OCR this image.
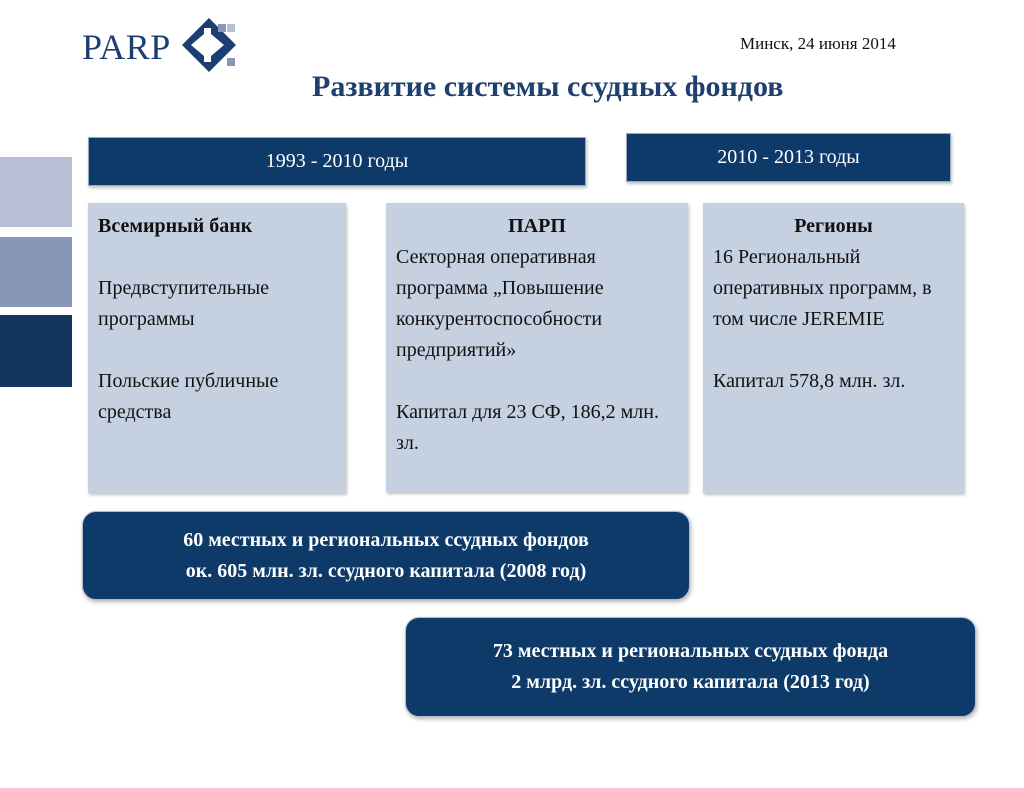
PARP	Минск, 24 июня 2014
Развитие системы ссудных фондов
1993 - 2010 годы	2010 - 2013 годы

Всемирный банк

Предвступительные программы

Польские публичные средства

ПАРП

Секторная оперативная программа „Повышение конкурентоспособности предприятий»

Капитал для 23 СФ, 186,2 млн. зл.

Регионы

16 Региональный оперативных программ, в том числе JEREMIE

Капитал 578,8 млн. зл.

60 местных и региональных ссудных фондов
ок. 605 млн. зл. ссудного капитала (2008 год)
73 местных и региональных ссудных фонда
2 млрд. зл. ссудного капитала (2013 год)
